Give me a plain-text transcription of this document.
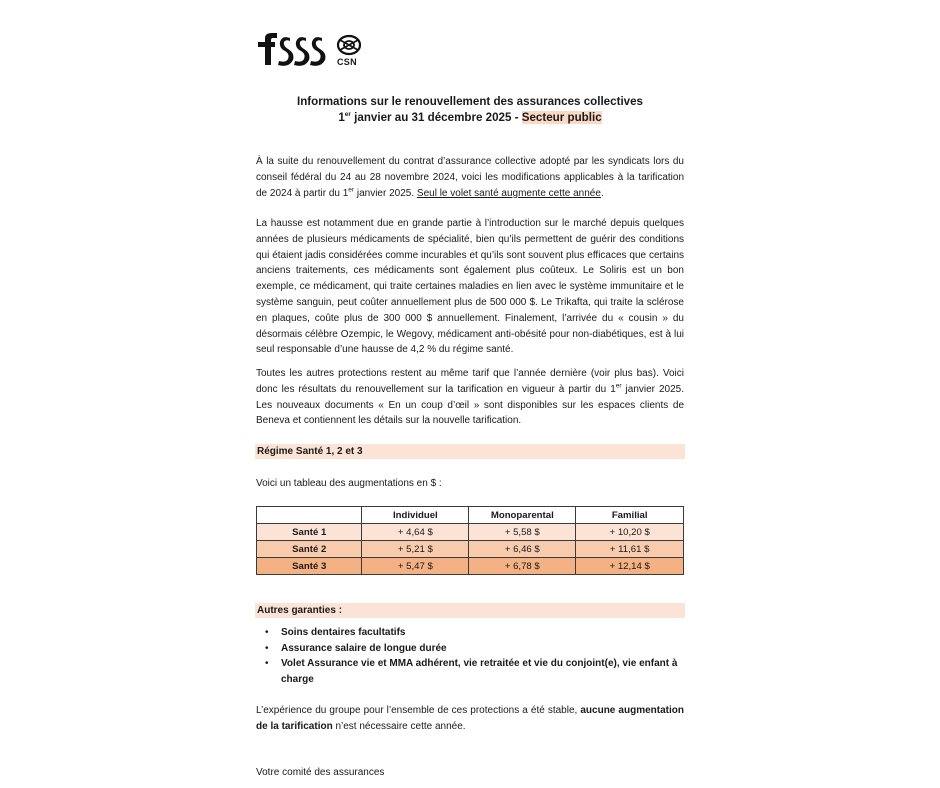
CSN
Informations sur le renouvellement des assurances collectives
1er janvier au 31 décembre 2025 - Secteur public
À la suite du renouvellement du contrat d’assurance collective adopté par les syndicats lors du conseil fédéral du 24 au 28 novembre 2024, voici les modifications applicables à la tarification de 2024 à partir du 1er janvier 2025. Seul le volet santé augmente cette année.
La hausse est notamment due en grande partie à l’introduction sur le marché depuis quelques années de plusieurs médicaments de spécialité, bien qu’ils permettent de guérir des conditions qui étaient jadis considérées comme incurables et qu’ils sont souvent plus efficaces que certains anciens traitements, ces médicaments sont également plus coûteux. Le Soliris est un bon exemple, ce médicament, qui traite certaines maladies en lien avec le système immunitaire et le système sanguin, peut coûter annuellement plus de 500 000 $. Le Trikafta, qui traite la sclérose en plaques, coûte plus de 300 000 $ annuellement. Finalement, l’arrivée du « cousin » du désormais célèbre Ozempic, le Wegovy, médicament anti-obésité pour non-diabétiques, est à lui seul responsable d’une hausse de 4,2 % du régime santé.
Toutes les autres protections restent au même tarif que l’année dernière (voir plus bas). Voici donc les résultats du renouvellement sur la tarification en vigueur à partir du 1er janvier 2025. Les nouveaux documents « En un coup d’œil » sont disponibles sur les espaces clients de Beneva et contiennent les détails sur la nouvelle tarification.
Régime Santé 1, 2 et 3
Voici un tableau des augmentations en $ :
	Individuel	Monoparental	Familial
Santé 1	+ 4,64 $	+ 5,58 $	+ 10,20 $
Santé 2	+ 5,21 $	+ 6,46 $	+ 11,61 $
Santé 3	+ 5,47 $	+ 6,78 $	+ 12,14 $
Autres garanties :
• Soins dentaires facultatifs
• Assurance salaire de longue durée
• Volet Assurance vie et MMA adhérent, vie retraitée et vie du conjoint(e), vie enfant à charge
L’expérience du groupe pour l’ensemble de ces protections a été stable, aucune augmentation de la tarification n’est nécessaire cette année.
Votre comité des assurances
